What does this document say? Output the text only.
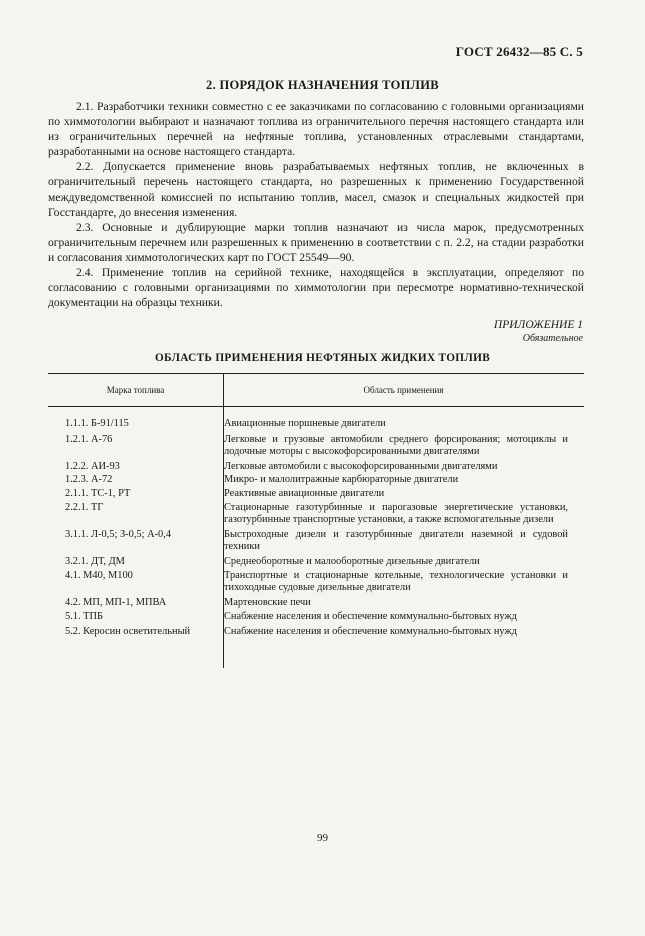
ГОСТ 26432—85 С. 5
2. ПОРЯДОК НАЗНАЧЕНИЯ ТОПЛИВ

2.1. Разработчики техники совместно с ее заказчиками по согласованию с головными организациями по химмотологии выбирают и назначают топлива из ограничительного перечня настоящего стандарта или из ограничительных перечней на нефтяные топлива, установленных отраслевыми стандартами, разработанными на основе настоящего стандарта.

2.2. Допускается применение вновь разрабатываемых нефтяных топлив, не включенных в ограничительный перечень настоящего стандарта, но разрешенных к применению Государственной междуведомственной комиссией по испытанию топлив, масел, смазок и специальных жидкостей при Госстандарте, до внесения изменения.

2.3. Основные и дублирующие марки топлив назначают из числа марок, предусмотренных ограничительным перечнем или разрешенных к применению в соответствии с п. 2.2, на стадии разработки и согласования химмотологических карт по ГОСТ 25549—90.

2.4. Применение топлив на серийной технике, находящейся в эксплуатации, определяют по согласованию с головными организациями по химмотологии при пересмотре нормативно-технической документации на образцы техники.

ПРИЛОЖЕНИЕ 1
Обязательное
ОБЛАСТЬ ПРИМЕНЕНИЯ НЕФТЯНЫХ ЖИДКИХ ТОПЛИВ
Марка топлива	Область применения
1.1.1. Б-91/115	Авиационные поршневые двигатели
1.2.1. А-76	Легковые и грузовые автомобили среднего форсирования; мотоциклы и лодочные моторы с высокофорсированными двигателями
1.2.2. АИ-93	Легковые автомобили с высокофорсированными двигателями
1.2.3. А-72	Микро- и малолитражные карбюраторные двигатели
2.1.1. ТС-1, РТ	Реактивные авиационные двигатели
2.2.1. ТГ	Стационарные газотурбинные и парогазовые энергетические установки, газотурбинные транспортные установки, а также вспомогательные дизели
3.1.1. Л-0,5; З-0,5; А-0,4	Быстроходные дизели и газотурбинные двигатели наземной и судовой техники
3.2.1. ДТ, ДМ	Среднеоборотные и малооборотные дизельные двигатели
4.1. М40, М100	Транспортные и стационарные котельные, технологические установки и тихоходные судовые дизельные двигатели
4.2. МП, МП-1, МПВА	Мартеновские печи
5.1. ТПБ	Снабжение населения и обеспечение коммунально-бытовых нужд
5.2. Керосин осветительный	Снабжение населения и обеспечение коммунально-бытовых нужд
99
